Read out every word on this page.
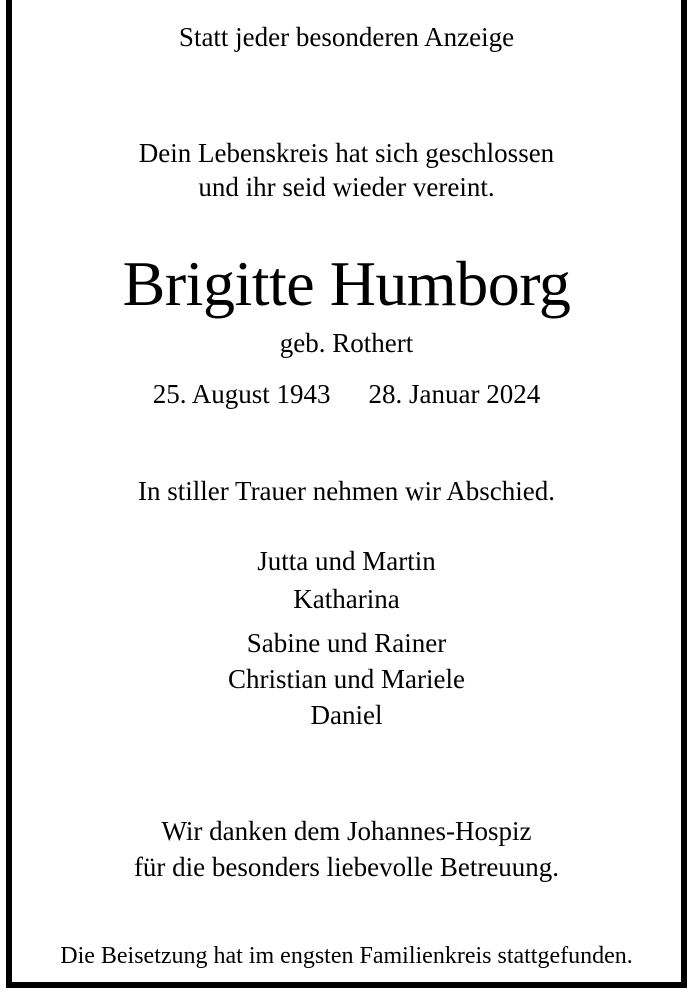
Statt jeder besonderen Anzeige
Dein Lebenskreis hat sich geschlossen
und ihr seid wieder vereint.
Brigitte Humborg
geb. Rothert
25. August 1943 28. Januar 2024
In stiller Trauer nehmen wir Abschied.
Jutta und Martin
Katharina
Sabine und Rainer
Christian und Mariele
Daniel
Wir danken dem Johannes-Hospiz
für die besonders liebevolle Betreuung.
Die Beisetzung hat im engsten Familienkreis stattgefunden.
